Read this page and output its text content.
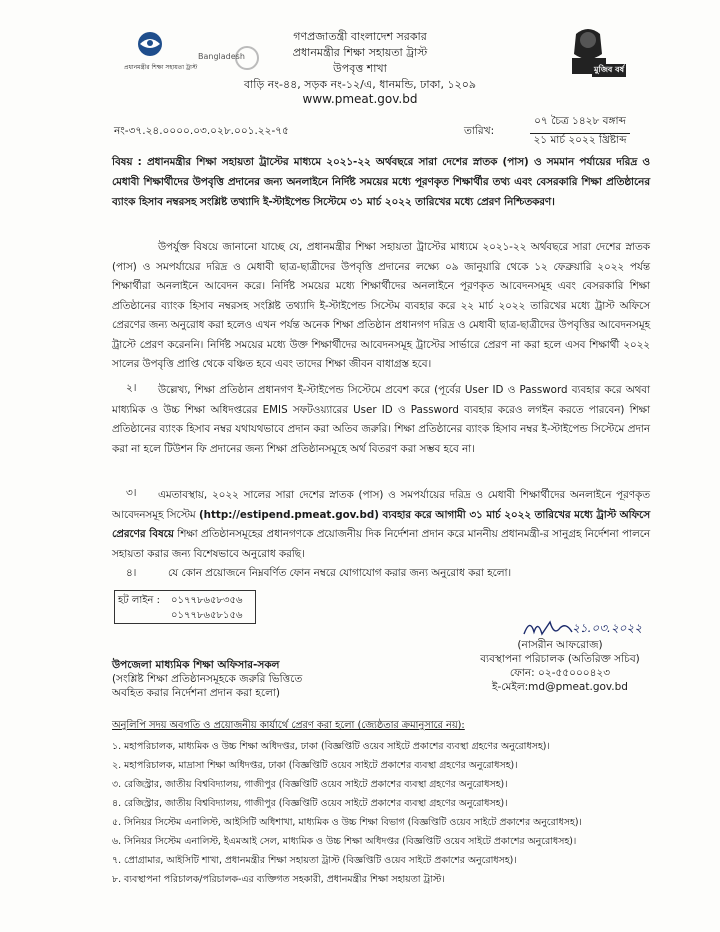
প্রধানমন্ত্রীর শিক্ষা সহায়তা ট্রাস্ট
Bangladesh
মুজিব বর্ষ
গণপ্রজাতন্ত্রী বাংলাদেশ সরকার
প্রধানমন্ত্রীর শিক্ষা সহায়তা ট্রাস্ট
উপবৃত্ত শাখা
বাড়ি নং-৪৪, সড়ক নং-১২/এ, ধানমন্ডি, ঢাকা, ১২০৯
www.pmeat.gov.bd
নং-৩৭.২৪.০০০০.০৩.০২৮.০০১.২২-৭৫	তারিখ:
০৭ চৈত্র ১৪২৮ বঙ্গাব্দ
২১ মার্চ ২০২২ খ্রিষ্টাব্দ
বিষয় : প্রধানমন্ত্রীর শিক্ষা সহায়তা ট্রাস্টের মাধ্যমে ২০২১-২২ অর্থবছরে সারা দেশের স্নাতক (পাস) ও সমমান পর্যায়ের দরিদ্র ও মেধাবী শিক্ষার্থীদের উপবৃত্তি প্রদানের জন্য অনলাইনে নির্দিষ্ট সময়ের মধ্যে পূরণকৃত শিক্ষার্থীর তথ্য এবং বেসরকারি শিক্ষা প্রতিষ্ঠানের ব্যাংক হিসাব নম্বরসহ সংশ্লিষ্ট তথ্যাদি ই-স্টাইপেন্ড সিস্টেমে ৩১ মার্চ ২০২২ তারিখের মধ্যে প্রেরণ নিশ্চিতকরণ।

উপর্যুক্ত বিষয়ে জানানো যাচ্ছে যে, প্রধানমন্ত্রীর শিক্ষা সহায়তা ট্রাস্টের মাধ্যমে ২০২১-২২ অর্থবছরে সারা দেশের স্নাতক (পাস) ও সমপর্যায়ের দরিদ্র ও মেধাবী ছাত্র-ছাত্রীদের উপবৃত্তি প্রদানের লক্ষ্যে ০৯ জানুয়ারি থেকে ১২ ফেব্রুয়ারি ২০২২ পর্যন্ত শিক্ষার্থীরা অনলাইনে আবেদন করে। নির্দিষ্ট সময়ের মধ্যে শিক্ষার্থীদের অনলাইনে পূরণকৃত আবেদনসমূহ এবং বেসরকারি শিক্ষা প্রতিষ্ঠানের ব্যাংক হিসাব নম্বরসহ সংশ্লিষ্ট তথ্যাদি ই-স্টাইপেন্ড সিস্টেম ব্যবহার করে ২২ মার্চ ২০২২ তারিখের মধ্যে ট্রাস্ট অফিসে প্রেরণের জন্য অনুরোধ করা হলেও এখন পর্যন্ত অনেক শিক্ষা প্রতিষ্ঠান প্রধানগণ দরিদ্র ও মেধাবী ছাত্র-ছাত্রীদের উপবৃত্তির আবেদনসমূহ ট্রাস্টে প্রেরণ করেননি। নির্দিষ্ট সময়ের মধ্যে উক্ত শিক্ষার্থীদের আবেদনসমূহ ট্রাস্টের সার্ভারে প্রেরণ না করা হলে এসব শিক্ষার্থী ২০২২ সালের উপবৃত্তি প্রাপ্তি থেকে বঞ্চিত হবে এবং তাদের শিক্ষা জীবন বাধাগ্রস্ত হবে।

২।	উল্লেখ্য, শিক্ষা প্রতিষ্ঠান প্রধানগণ ই-স্টাইপেন্ড সিস্টেমে প্রবেশ করে (পূর্বের User ID ও Password ব্যবহার করে অথবা মাধ্যমিক ও উচ্চ শিক্ষা অধিদপ্তরের EMIS সফটওয়্যারের User ID ও Password ব্যবহার করেও লগইন করতে পারবেন) শিক্ষা প্রতিষ্ঠানের ব্যাংক হিসাব নম্বর যথাযথভাবে প্রদান করা অতিব জরুরি। শিক্ষা প্রতিষ্ঠানের ব্যাংক হিসাব নম্বর ই-স্টাইপেন্ড সিস্টেমে প্রদান করা না হলে টিউশন ফি প্রদানের জন্য শিক্ষা প্রতিষ্ঠানসমূহে অর্থ বিতরণ করা সম্ভব হবে না।

৩।	এমতাবস্থায়, ২০২২ সালের সারা দেশের স্নাতক (পাস) ও সমপর্যায়ের দরিদ্র ও মেধাবী শিক্ষার্থীদের অনলাইনে পূরণকৃত আবেদনসমূহ সিস্টেম (http://estipend.pmeat.gov.bd) ব্যবহার করে আগামী ৩১ মার্চ ২০২২ তারিখের মধ্যে ট্রাস্ট অফিসে প্রেরণের বিষয়ে শিক্ষা প্রতিষ্ঠানসমূহের প্রধানগণকে প্রয়োজনীয় দিক নির্দেশনা প্রদান করে মাননীয় প্রধানমন্ত্রী-র সানুগ্রহ নির্দেশনা পালনে সহায়তা করার জন্য বিশেষভাবে অনুরোধ করছি।

৪।	যে কোন প্রয়োজনে নিম্নবর্ণিত ফোন নম্বরে যোগাযোগ করার জন্য অনুরোধ করা হলো।
হট লাইন : ০১৭৭৮৬৫৮৩৫৬
০১৭৭৮৬৫৮১৫৬
২১.০৩.২০২২
(নাসরীন আফরোজ)
ব্যবস্থাপনা পরিচালক (অতিরিক্ত সচিব)
ফোন: ০২-৫৫০০০৪২৩
ই-মেইল:md@pmeat.gov.bd
উপজেলা মাধ্যমিক শিক্ষা অফিসার-সকল
(সংশ্লিষ্ট শিক্ষা প্রতিষ্ঠানসমূহকে জরুরি ভিত্তিতে
অবহিত করার নির্দেশনা প্রদান করা হলো)
অনুলিপি সদয় অবগতি ও প্রয়োজনীয় কার্যার্থে প্রেরণ করা হলো (জ্যেষ্ঠতার ক্রমানুসারে নয়):
১. মহাপরিচালক, মাধ্যমিক ও উচ্চ শিক্ষা অধিদপ্তর, ঢাকা (বিজ্ঞপ্তিটি ওয়েব সাইটে প্রকাশের ব্যবস্থা গ্রহণের অনুরোধসহ)।
২. মহাপরিচালক, মাদ্রাসা শিক্ষা অধিদপ্তর, ঢাকা (বিজ্ঞপ্তিটি ওয়েব সাইটে প্রকাশের ব্যবস্থা গ্রহণের অনুরোধসহ)।
৩. রেজিস্ট্রার, জাতীয় বিশ্ববিদ্যালয়, গাজীপুর (বিজ্ঞপ্তিটি ওয়েব সাইটে প্রকাশের ব্যবস্থা গ্রহণের অনুরোধসহ)।
৪. রেজিস্ট্রার, জাতীয় বিশ্ববিদ্যালয়, গাজীপুর (বিজ্ঞপ্তিটি ওয়েব সাইটে প্রকাশের ব্যবস্থা গ্রহণের অনুরোধসহ)।
৫. সিনিয়র সিস্টেম এনালিস্ট, আইসিটি অধিশাখা, মাধ্যমিক ও উচ্চ শিক্ষা বিভাগ (বিজ্ঞপ্তিটি ওয়েব সাইটে প্রকাশের অনুরোধসহ)।
৬. সিনিয়র সিস্টেম এনালিস্ট, ইএমআই সেল, মাধ্যমিক ও উচ্চ শিক্ষা অধিদপ্তর (বিজ্ঞপ্তিটি ওয়েব সাইটে প্রকাশের অনুরোধসহ)।
৭. প্রোগ্রামার, আইসিটি শাখা, প্রধানমন্ত্রীর শিক্ষা সহায়তা ট্রাস্ট (বিজ্ঞপ্তিটি ওয়েব সাইটে প্রকাশের অনুরোধসহ)।
৮. ব্যবস্থাপনা পরিচালক/পরিচালক-এর ব্যক্তিগত সহকারী, প্রধানমন্ত্রীর শিক্ষা সহায়তা ট্রাস্ট।
